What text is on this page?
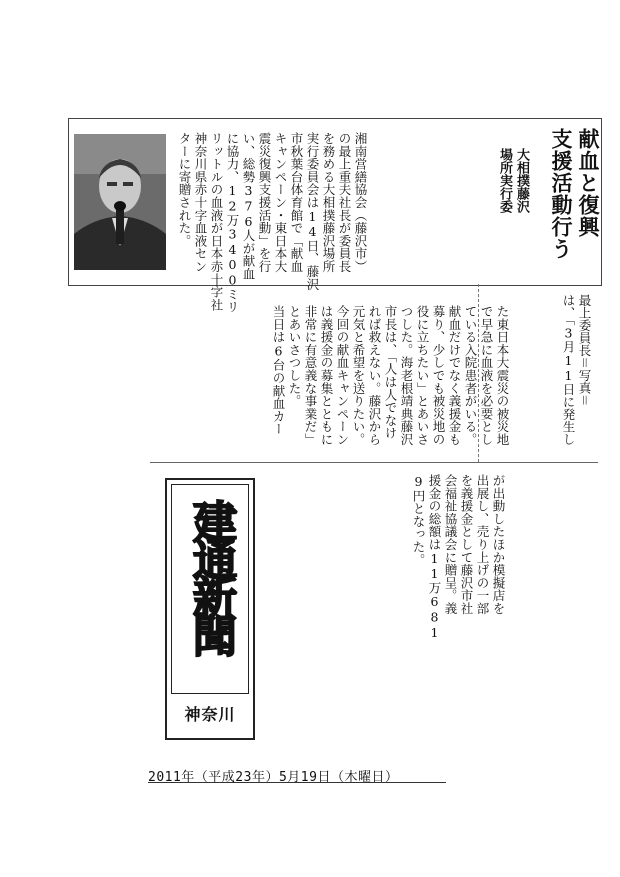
献血と復興
支援活動行う
大相撲藤沢
場所実行委
最上委員長＝写真＝
は、「3月11日に発生し
湘南営繕協会（藤沢市）
の最上重夫社長が委員長
を務める大相撲藤沢場所
実行委員会は14日、藤沢
市秋葉台体育館で「献血
キャンペーン・東日本大
震災復興支援活動」を行
い、総勢376人が献血
に協力、12万3400ミリ
リットルの血液が日本赤十字社
神奈川県赤十字血液セン
ターに寄贈された。
た東日本大震災の被災地
で早急に血液を必要とし
ている入院患者がいる。
献血だけでなく義援金も
募り、少しでも被災地の
役に立ちたい」とあいさ
つした。海老根靖典藤沢
市長は、「人は人でなけ
れば救えない。藤沢から
元気と希望を送りたい。
今回の献血キャンペーン
は義援金の募集とともに
非常に有意義な事業だ」
とあいさつした。
当日は6台の献血カー
が出動したほか模擬店を
出展し、売り上げの一部
を義援金として藤沢市社
会福祉協議会に贈呈。義
援金の総額は11万681
9円となった。
建通新聞
神奈川
2011年（平成23年）5月19日（木曜日）
